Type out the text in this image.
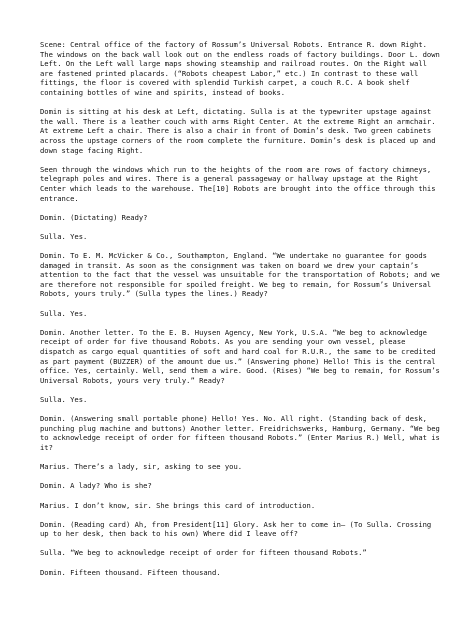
Scene: Central office of the factory of Rossum’s Universal Robots. Entrance R. down Right. The windows on the back wall look out on the endless roads of factory buildings. Door L. down Left. On the Left wall large maps showing steamship and railroad routes. On the Right wall are fastened printed placards. (“Robots cheapest Labor,” etc.) In contrast to these wall fittings, the floor is covered with splendid Turkish carpet, a couch R.C. A book shelf containing bottles of wine and spirits, instead of books.

Domin is sitting at his desk at Left, dictating. Sulla is at the typewriter upstage against the wall. There is a leather couch with arms Right Center. At the extreme Right an armchair. At extreme Left a chair. There is also a chair in front of Domin’s desk. Two green cabinets across the upstage corners of the room complete the furniture. Domin’s desk is placed up and down stage facing Right.

Seen through the windows which run to the heights of the room are rows of factory chimneys, telegraph poles and wires. There is a general passageway or hallway upstage at the Right Center which leads to the warehouse. The[10] Robots are brought into the office through this entrance.

Domin. (Dictating) Ready?

Sulla. Yes.

Domin. To E. M. McVicker & Co., Southampton, England. “We undertake no guarantee for goods damaged in transit. As soon as the consignment was taken on board we drew your captain’s attention to the fact that the vessel was unsuitable for the transportation of Robots; and we are therefore not responsible for spoiled freight. We beg to remain, for Rossum’s Universal Robots, yours truly.” (Sulla types the lines.) Ready?

Sulla. Yes.

Domin. Another letter. To the E. B. Huysen Agency, New York, U.S.A. “We beg to acknowledge receipt of order for five thousand Robots. As you are sending your own vessel, please dispatch as cargo equal quantities of soft and hard coal for R.U.R., the same to be credited as part payment (BUZZER) of the amount due us.” (Answering phone) Hello! This is the central office. Yes, certainly. Well, send them a wire. Good. (Rises) “We beg to remain, for Rossum’s Universal Robots, yours very truly.” Ready?

Sulla. Yes.

Domin. (Answering small portable phone) Hello! Yes. No. All right. (Standing back of desk, punching plug machine and buttons) Another letter. Freidrichswerks, Hamburg, Germany. “We beg to acknowledge receipt of order for fifteen thousand Robots.” (Enter Marius R.) Well, what is it?

Marius. There’s a lady, sir, asking to see you.

Domin. A lady? Who is she?

Marius. I don’t know, sir. She brings this card of introduction.

Domin. (Reading card) Ah, from President[11] Glory. Ask her to come in— (To Sulla. Crossing up to her desk, then back to his own) Where did I leave off?

Sulla. “We beg to acknowledge receipt of order for fifteen thousand Robots.”

Domin. Fifteen thousand. Fifteen thousand.
